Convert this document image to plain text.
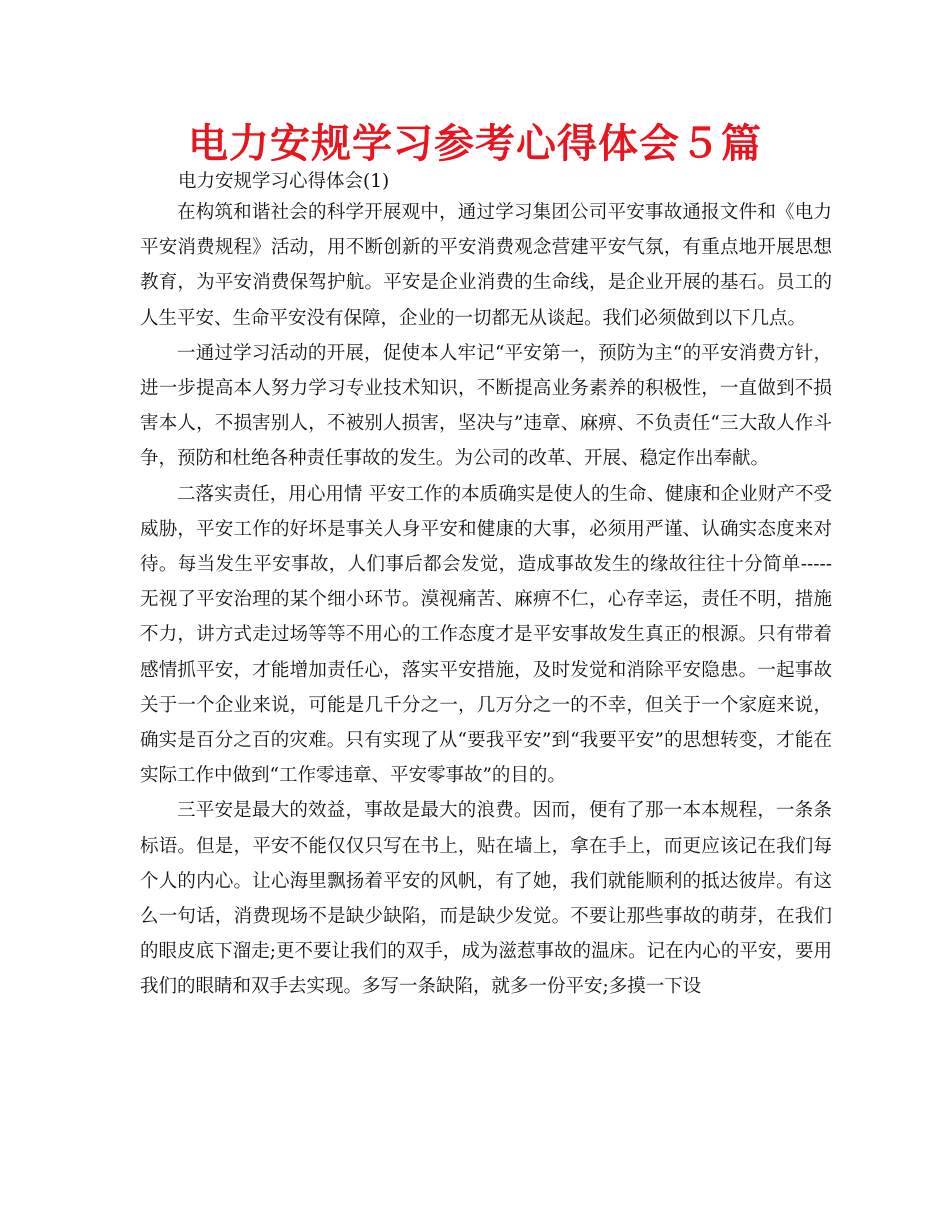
电力安规学习参考心得体会５篇
电力安规学习心得体会(1)

在构筑和谐社会的科学开展观中，通过学习集团公司平安事故通报文件和《电力平安消费规程》活动，用不断创新的平安消费观念营建平安气氛，有重点地开展思想教育，为平安消费保驾护航。平安是企业消费的生命线，是企业开展的基石。员工的人生平安、生命平安没有保障，企业的一切都无从谈起。我们必须做到以下几点。

一通过学习活动的开展，促使本人牢记“平安第一，预防为主“的平安消费方针，进一步提高本人努力学习专业技术知识，不断提高业务素养的积极性，一直做到不损害本人，不损害别人，不被别人损害，坚决与”违章、麻痹、不负责任“三大敌人作斗争，预防和杜绝各种责任事故的发生。为公司的改革、开展、稳定作出奉献。

二落实责任，用心用情 平安工作的本质确实是使人的生命、健康和企业财产不受威胁，平安工作的好坏是事关人身平安和健康的大事，必须用严谨、认确实态度来对待。每当发生平安事故，人们事后都会发觉，造成事故发生的缘故往往十分简单-----无视了平安治理的某个细小环节。漠视痛苦、麻痹不仁，心存幸运，责任不明，措施不力，讲方式走过场等等不用心的工作态度才是平安事故发生真正的根源。只有带着感情抓平安，才能增加责任心，落实平安措施，及时发觉和消除平安隐患。一起事故关于一个企业来说，可能是几千分之一，几万分之一的不幸，但关于一个家庭来说，确实是百分之百的灾难。只有实现了从“要我平安”到“我要平安”的思想转变，才能在实际工作中做到“工作零违章、平安零事故”的目的。

三平安是最大的效益，事故是最大的浪费。因而，便有了那一本本规程，一条条标语。但是，平安不能仅仅只写在书上，贴在墙上，拿在手上，而更应该记在我们每个人的内心。让心海里飘扬着平安的风帆，有了她，我们就能顺利的抵达彼岸。有这么一句话，消费现场不是缺少缺陷，而是缺少发觉。不要让那些事故的萌芽，在我们的眼皮底下溜走;更不要让我们的双手，成为滋惹事故的温床。记在内心的平安，要用我们的眼睛和双手去实现。多写一条缺陷，就多一份平安;多摸一下设
